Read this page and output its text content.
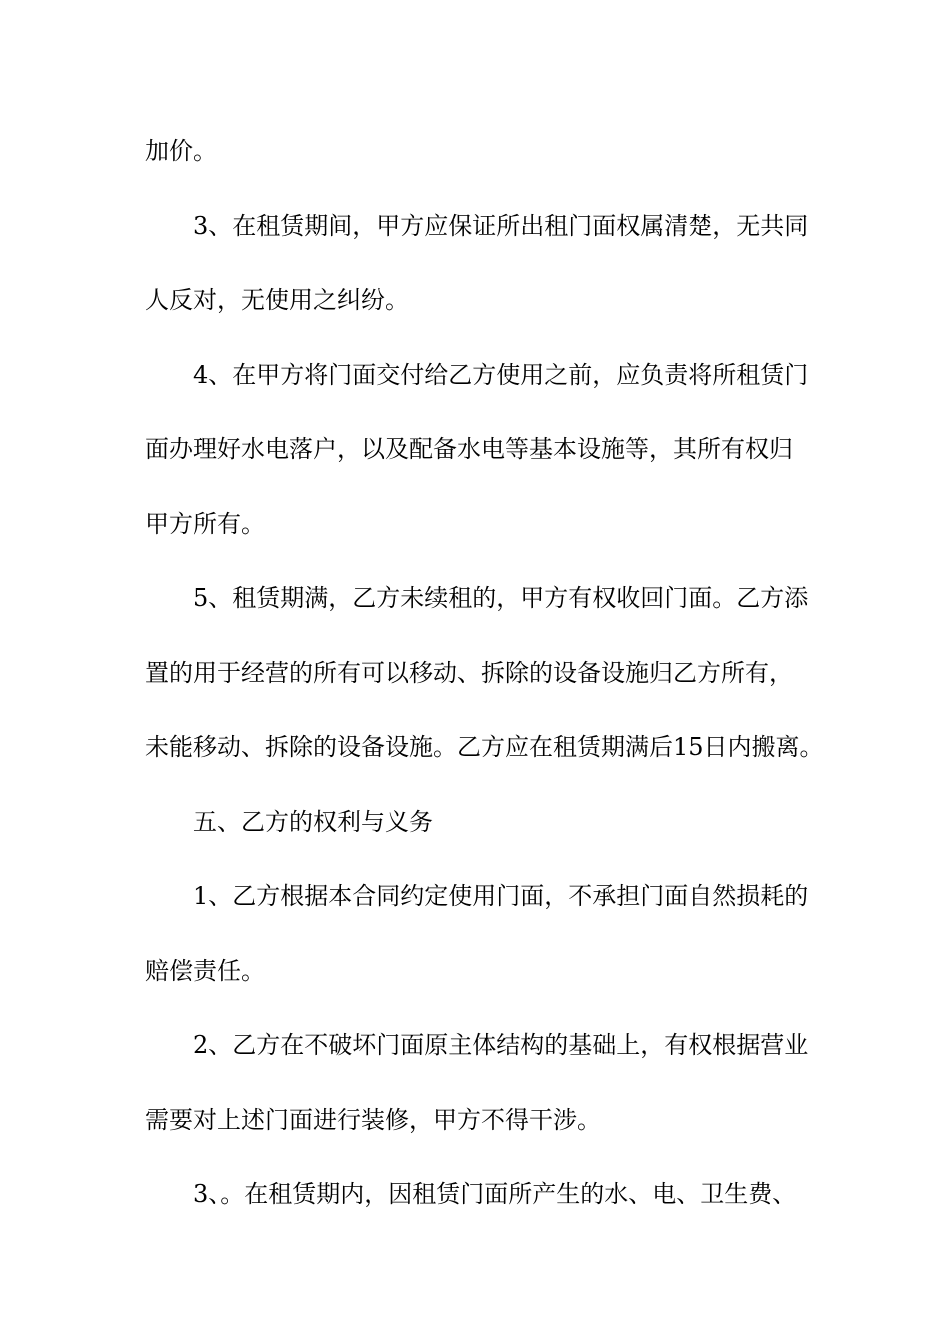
加价。
3、在租赁期间，甲方应保证所出租门面权属清楚，无共同
人反对，无使用之纠纷。
4、在甲方将门面交付给乙方使用之前，应负责将所租赁门
面办理好水电落户，以及配备水电等基本设施等，其所有权归
甲方所有。
5、租赁期满，乙方未续租的，甲方有权收回门面。乙方添
置的用于经营的所有可以移动、拆除的设备设施归乙方所有，
未能移动、拆除的设备设施。乙方应在租赁期满后15日内搬离。
五、乙方的权利与义务
1、乙方根据本合同约定使用门面，不承担门面自然损耗的
赔偿责任。
2、乙方在不破坏门面原主体结构的基础上，有权根据营业
需要对上述门面进行装修，甲方不得干涉。
3、。在租赁期内，因租赁门面所产生的水、电、卫生费、
